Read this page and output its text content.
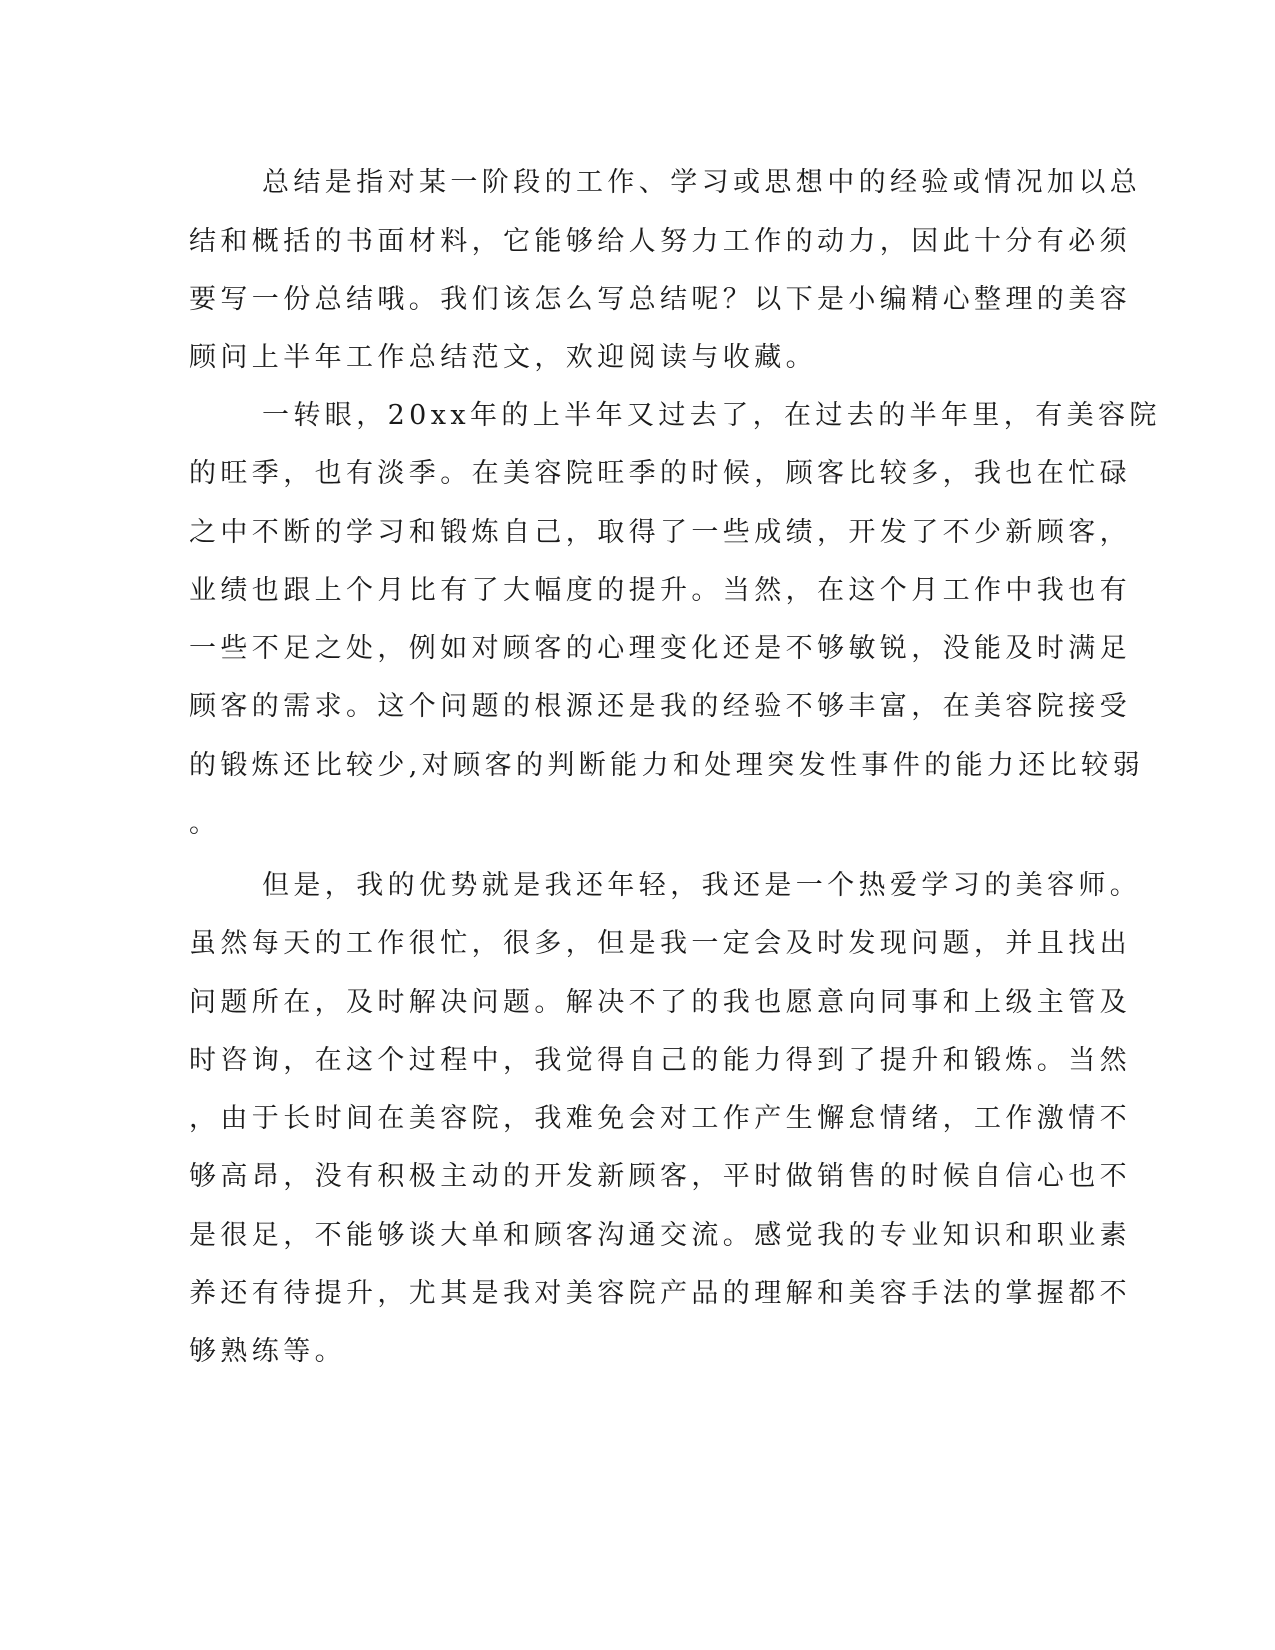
总结是指对某一阶段的工作、学习或思想中的经验或情况加以总

结和概括的书面材料，它能够给人努力工作的动力，因此十分有必须

要写一份总结哦。我们该怎么写总结呢？以下是小编精心整理的美容

顾问上半年工作总结范文，欢迎阅读与收藏。

一转眼，20xx年的上半年又过去了，在过去的半年里，有美容院

的旺季，也有淡季。在美容院旺季的时候，顾客比较多，我也在忙碌

之中不断的学习和锻炼自己，取得了一些成绩，开发了不少新顾客，

业绩也跟上个月比有了大幅度的提升。当然，在这个月工作中我也有

一些不足之处，例如对顾客的心理变化还是不够敏锐，没能及时满足

顾客的需求。这个问题的根源还是我的经验不够丰富，在美容院接受

的锻炼还比较少,对顾客的判断能力和处理突发性事件的能力还比较弱

。

但是，我的优势就是我还年轻，我还是一个热爱学习的美容师。

虽然每天的工作很忙，很多，但是我一定会及时发现问题，并且找出

问题所在，及时解决问题。解决不了的我也愿意向同事和上级主管及

时咨询，在这个过程中，我觉得自己的能力得到了提升和锻炼。当然

，由于长时间在美容院，我难免会对工作产生懈怠情绪，工作激情不

够高昂，没有积极主动的开发新顾客，平时做销售的时候自信心也不

是很足，不能够谈大单和顾客沟通交流。感觉我的专业知识和职业素

养还有待提升，尤其是我对美容院产品的理解和美容手法的掌握都不

够熟练等。
